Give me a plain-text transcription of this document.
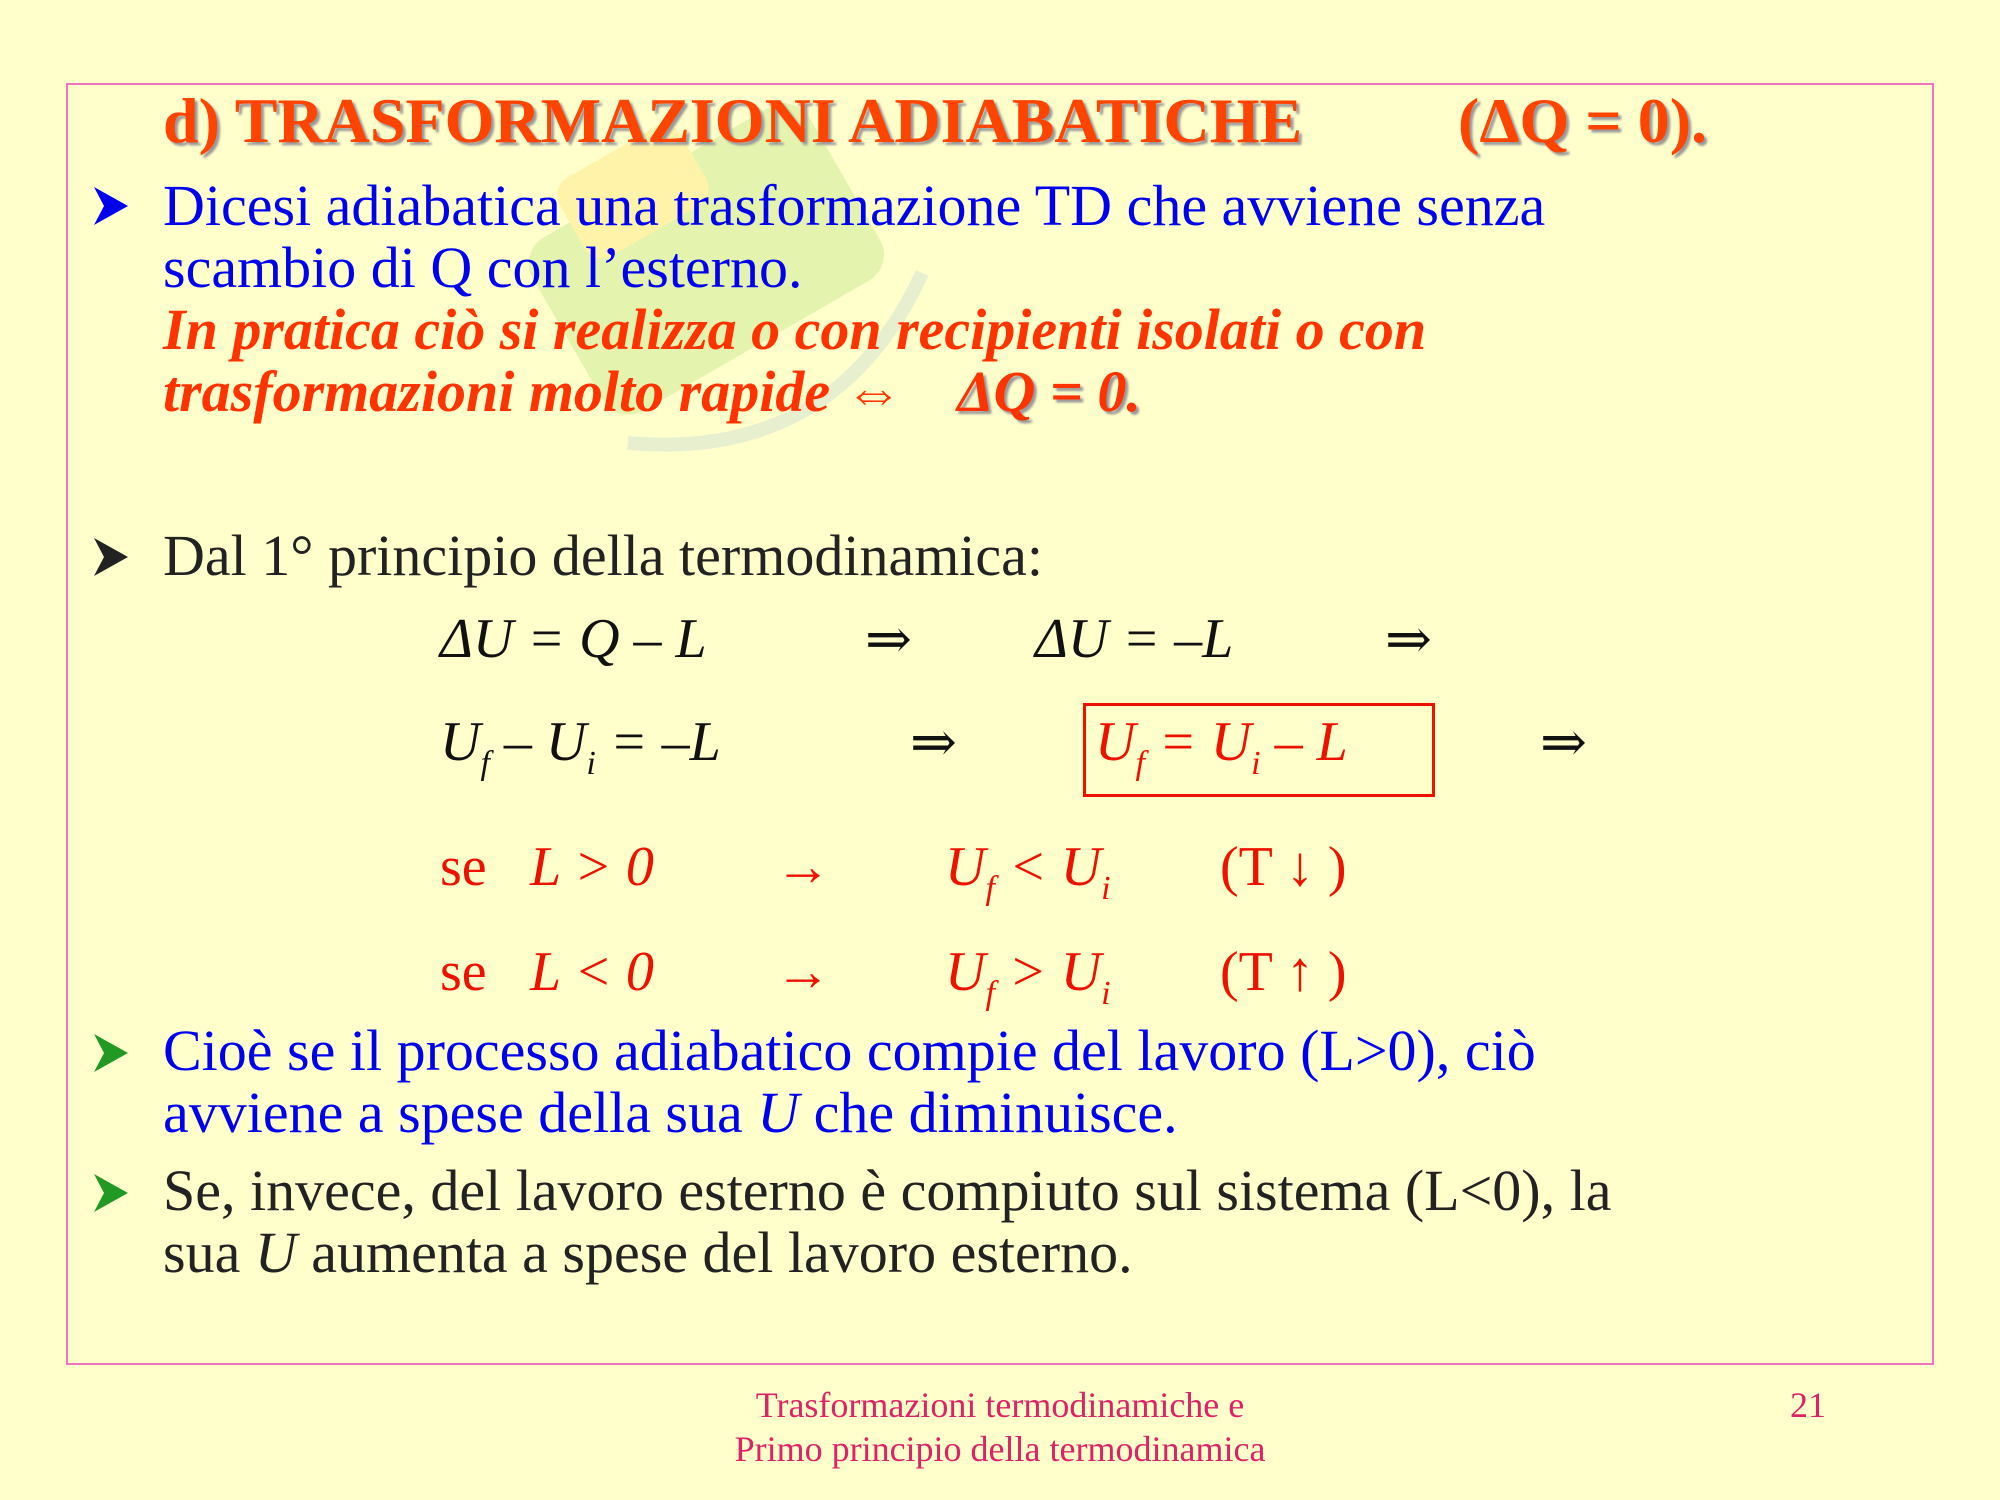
d) TRASFORMAZIONI ADIABATICHE (ΔQ = 0).
Dicesi adiabatica una trasformazione TD che avviene senza
scambio di Q con l’esterno.
In pratica ciò si realizza o con recipienti isolati o con
trasformazioni molto rapide ⇔ ΔQ = 0.
Dal 1° principio della termodinamica:
ΔU = Q – L	⇒ ΔU = –L	⇒
$U_f - U_i = -L$	⇒ $U_f = U_i - L$	⇒
se $L > 0 \to U_f < U_i$ (T ↓ )
se $L < 0 \to U_f > U_i$ (T ↑ )
Cioè se il processo adiabatico compie del lavoro (L>0), ciò
avviene a spese della sua U che diminuisce.
Se, invece, del lavoro esterno è compiuto sul sistema (L<0), la
sua U aumenta a spese del lavoro esterno.
Trasformazioni termodinamiche e
Primo principio della termodinamica
21
